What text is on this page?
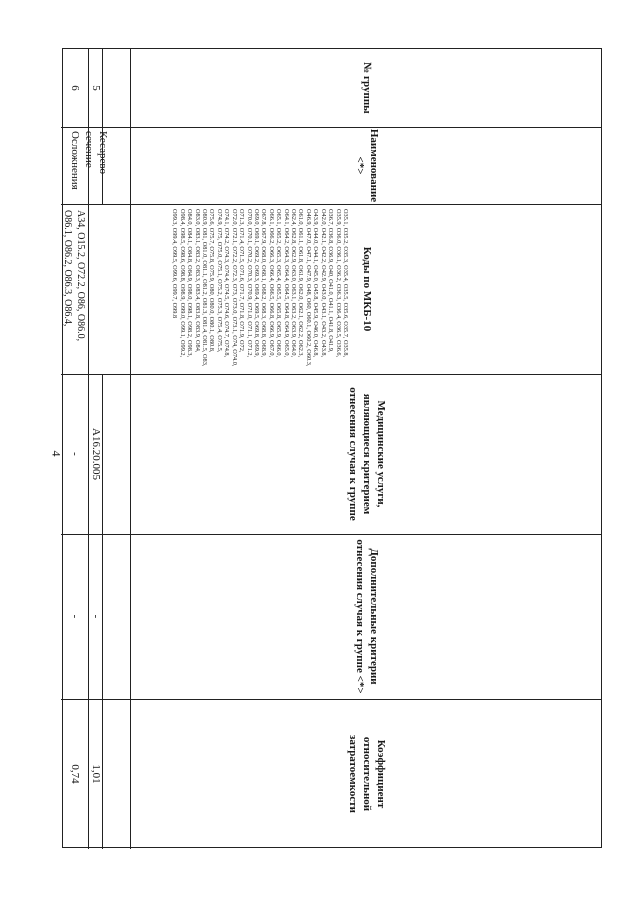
4
№ группы
Наименование <*>
Коды по МКБ-10
Медицинские услуги, являющиеся критерием отнесения случая к группе
Дополнительные критерии отнесения случая к группе <*>
Коэффициент относительной затратоемкости
5
Кесарево сечение
A16.20.005
-
1,01
6
Осложнения
A34, O15.2, O72.2, O86, O86.0, O86.1, O86.2, O86.3, O86.4,
-
-
0,74
O35.1, O35.2, O35.3, O35.4, O35.5, O35.6, O35.7, O35.8, O35.9, O36.0, O36.1, O36.2, O36.3, O36.4, O36.5, O36.6, O36.7, O36.8, O36.9, O40, O41.0, O41.1, O41.8, O41.9, O42.0, O42.1, O42.2, O42.9, O43.0, O43.1, O43.2, O43.8, O43.9, O44.0, O44.1, O45.0, O45.8, O45.9, O46.0, O46.8, O46.9, O47.0, O47.1, O47.9, O48, O60, O60.1, O60.2, O60.3, O61.0, O61.1, O61.8, O61.9, O62.0, O62.1, O62.2, O62.3, O62.4, O62.8, O62.9, O63.0, O63.1, O63.2, O63.9, O64.0, O64.1, O64.2, O64.3, O64.4, O64.5, O64.8, O64.9, O65.0, O65.1, O65.2, O65.3, O65.4, O65.5, O65.8, O65.9, O66.0, O66.1, O66.2, O66.3, O66.4, O66.5, O66.8, O66.9, O67.0, O67.8, O67.9, O68.0, O68.1, O68.2, O68.3, O68.8, O68.9, O69.0, O69.1, O69.2, O69.3, O69.4, O69.5, O69.8, O69.9, O70.0, O70.1, O70.2, O70.3, O70.9, O71.0, O71.1, O71.2, O71.3, O71.4, O71.5, O71.6, O71.7, O71.8, O71.9, O72, O72.0, O72.1, O72.2, O72.3, O73, O73.0, O73.1, O74, O74.0, O74.1, O74.2, O74.3, O74.4, O74.5, O74.6, O74.7, O74.8, O74.9, O75, O75.0, O75.1, O75.2, O75.3, O75.4, O75.5, O75.6, O75.7, O75.8, O75.9, O80, O80.0, O80.1, O80.8, O80.9, O81, O81.0, O81.1, O81.2, O81.3, O81.4, O81.5, O83, O83.0, O83.1, O83.2, O83.3, O83.4, O83.8, O83.9, O84, O84.0, O84.1, O84.8, O84.9, O98.0, O98.1, O98.2, O98.3, O98.4, O98.5, O98.6, O98.8, O98.9, O99.0, O99.1, O99.2, O99.3, O99.4, O99.5, O99.6, O99.7, O99.8
